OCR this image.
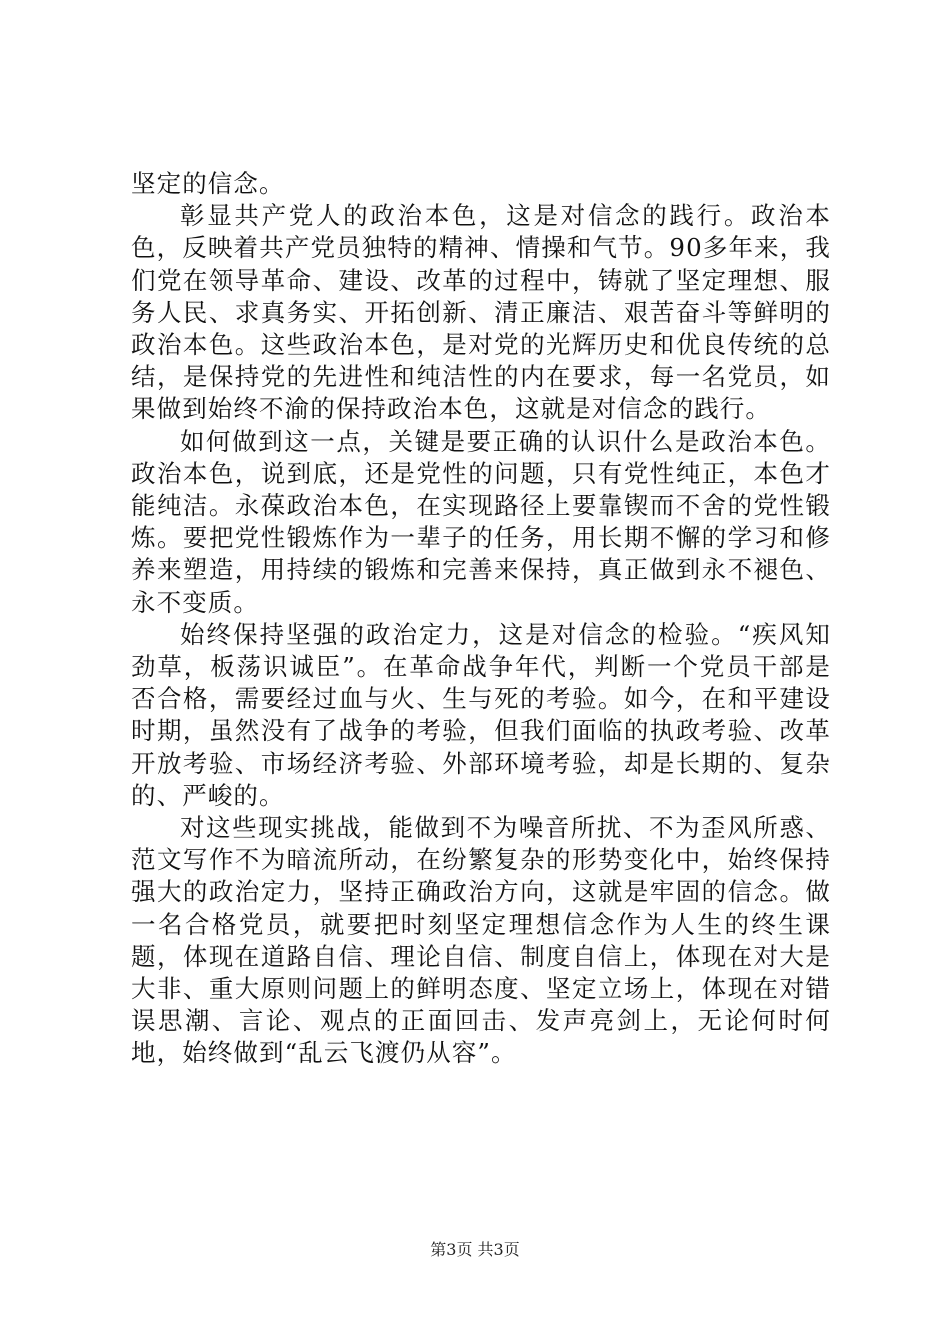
坚定的信念。

彰显共产党人的政治本色，这是对信念的践行。政治本色，反映着共产党员独特的精神、情操和气节。90多年来，我们党在领导革命、建设、改革的过程中，铸就了坚定理想、服务人民、求真务实、开拓创新、清正廉洁、艰苦奋斗等鲜明的政治本色。这些政治本色，是对党的光辉历史和优良传统的总结，是保持党的先进性和纯洁性的内在要求，每一名党员，如果做到始终不渝的保持政治本色，这就是对信念的践行。

如何做到这一点，关键是要正确的认识什么是政治本色。政治本色，说到底，还是党性的问题，只有党性纯正，本色才能纯洁。永葆政治本色，在实现路径上要靠锲而不舍的党性锻炼。要把党性锻炼作为一辈子的任务，用长期不懈的学习和修养来塑造，用持续的锻炼和完善来保持，真正做到永不褪色、永不变质。

始终保持坚强的政治定力，这是对信念的检验。“疾风知劲草，板荡识诚臣”。在革命战争年代，判断一个党员干部是否合格，需要经过血与火、生与死的考验。如今，在和平建设时期，虽然没有了战争的考验，但我们面临的执政考验、改革开放考验、市场经济考验、外部环境考验，却是长期的、复杂的、严峻的。

对这些现实挑战，能做到不为噪音所扰、不为歪风所惑、范文写作不为暗流所动，在纷繁复杂的形势变化中，始终保持强大的政治定力，坚持正确政治方向，这就是牢固的信念。做一名合格党员，就要把时刻坚定理想信念作为人生的终生课题，体现在道路自信、理论自信、制度自信上，体现在对大是大非、重大原则问题上的鲜明态度、坚定立场上，体现在对错误思潮、言论、观点的正面回击、发声亮剑上，无论何时何地，始终做到“乱云飞渡仍从容”。

第3页 共3页
